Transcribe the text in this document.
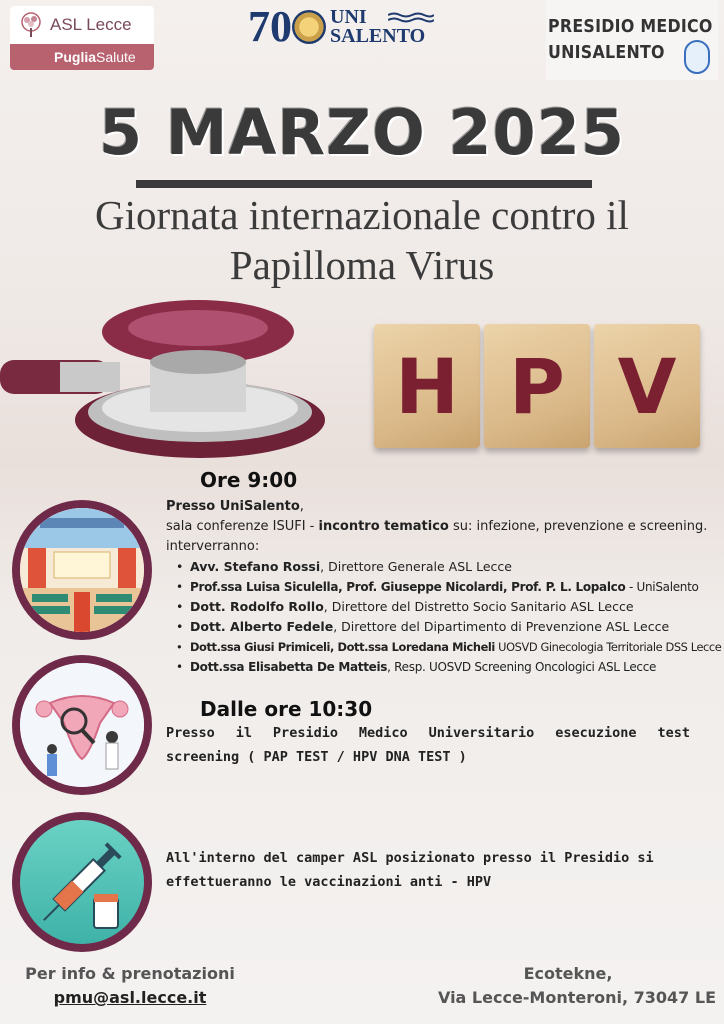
ASL Lecce
Puglia Salute
70 UNI
SALENTO	PRESIDIO MEDICO
UNISALENTO
5 MARZO 2025
Giornata internazionale contro il
Papilloma Virus
H P V
Ore 9:00
Presso UniSalento,
sala conferenze ISUFI - incontro tematico su: infezione, prevenzione e screening.
interverranno:
• Avv. Stefano Rossi, Direttore Generale ASL Lecce
• Prof.ssa Luisa Siculella, Prof. Giuseppe Nicolardi, Prof. P. L. Lopalco - UniSalento
• Dott. Rodolfo Rollo, Direttore del Distretto Socio Sanitario ASL Lecce
• Dott. Alberto Fedele, Direttore del Dipartimento di Prevenzione ASL Lecce
• Dott.ssa Giusi Primiceli, Dott.ssa Loredana Micheli UOSVD Ginecologia Territoriale DSS Lecce
• Dott.ssa Elisabetta De Matteis, Resp. UOSVD Screening Oncologici ASL Lecce
Dalle ore 10:30
Presso il Presidio Medico Universitario esecuzione test screening ( PAP TEST / HPV DNA TEST )
All'interno del camper ASL posizionato presso il Presidio si effettueranno le vaccinazioni anti - HPV
Per info & prenotazioni
pmu@asl.lecce.it
Ecotekne,
Via Lecce-Monteroni, 73047 LE
